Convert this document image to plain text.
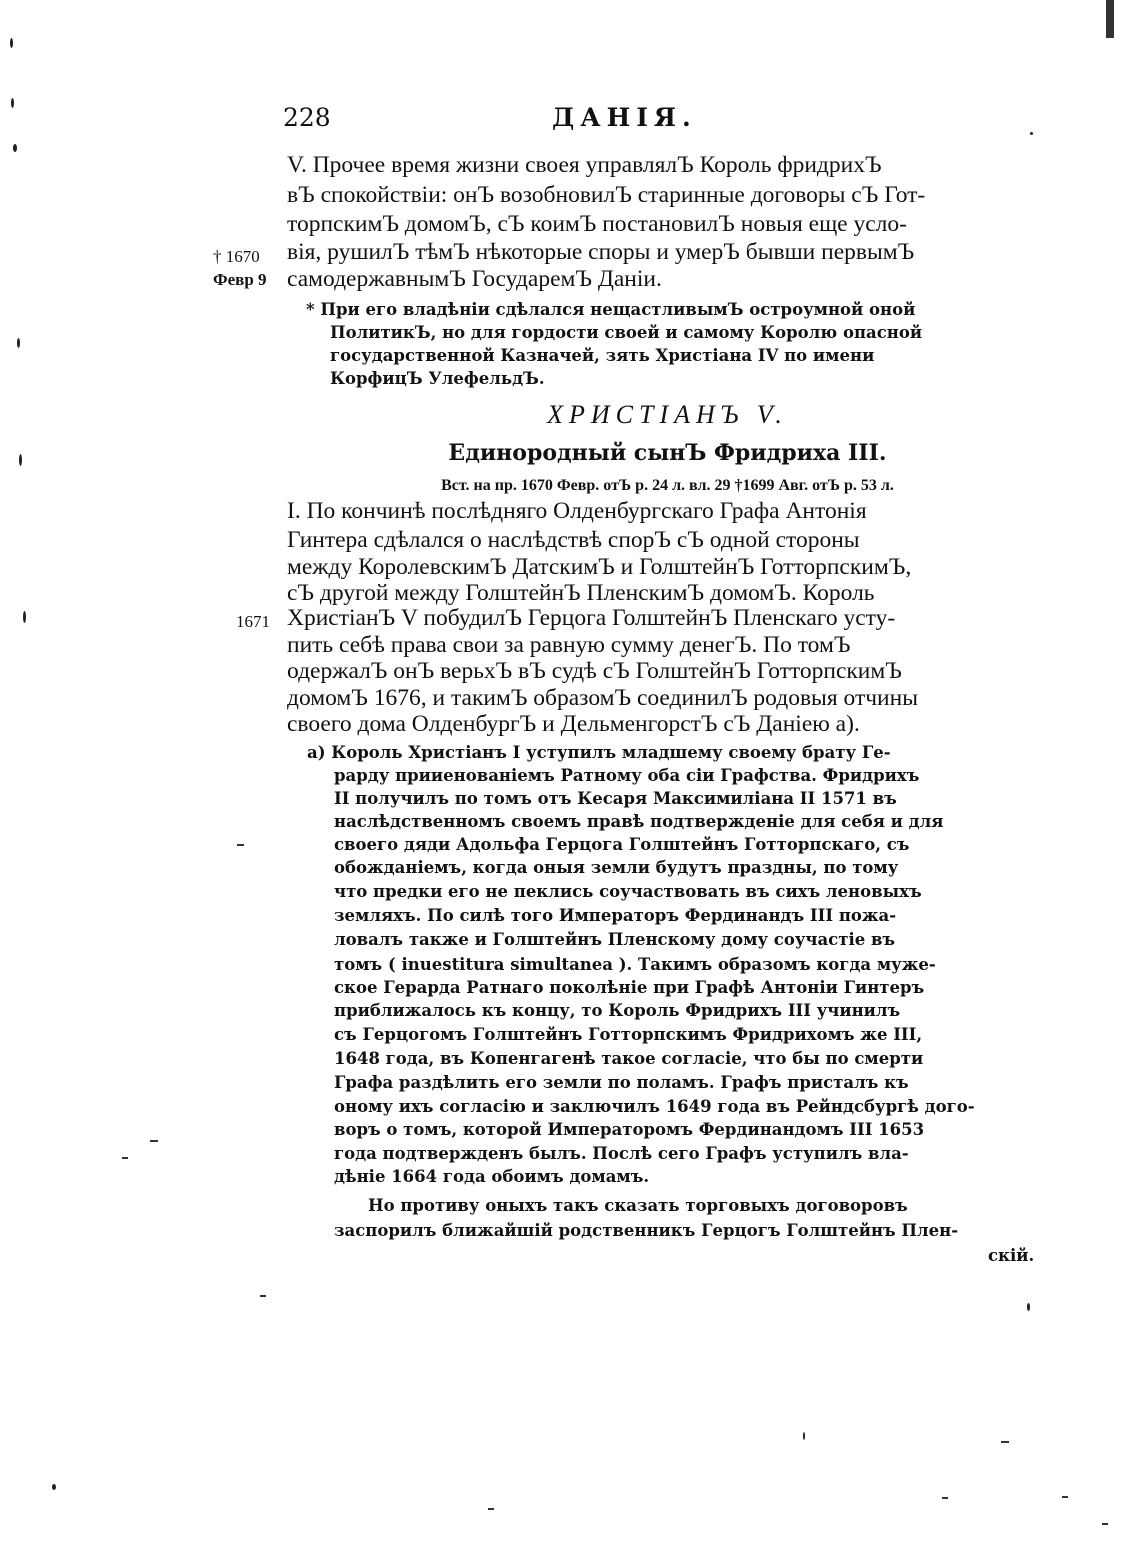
228	ДАНІЯ.
V. Прочее время жизни своея управлялЪ Король фридрихЪ
вЪ спокойствіи: онЪ возобновилЪ старинные договоры сЪ Гот-
торпскимЪ домомЪ, сЪ коимЪ постановилЪ новыя еще усло-
вія, рушилЪ тѣмЪ нѣкоторые споры и умерЪ бывши первымЪ
самодержавнымЪ ГосударемЪ Даніи.
† 1670
Февр 9
* При его владѣніи сдѣлался нещастливымЪ остроумной оной
ПолитикЪ, но для гордости своей и самому Королю опасной
государственной Казначей, зять Христіана IV по имени
КорфицЪ УлефельдЪ.
ХРИСТІАНЪ V.
Единородный сынЪ Фридриха III.
Вст. на пр. 1670 Февр. отЪ р. 24 л. вл. 29 †1699 Авг. отЪ р. 53 л.
I. По кончинѣ послѣдняго Олденбургскаго Графа Антонія
Гинтера сдѣлался о наслѣдствѣ спорЪ сЪ одной стороны
между КоролевскимЪ ДатскимЪ и ГолштейнЪ ГотторпскимЪ,
сЪ другой между ГолштейнЪ ПленскимЪ домомЪ. Король
ХристіанЪ V побудилЪ Герцога ГолштейнЪ Пленскаго усту-
пить себѣ права свои за равную сумму денегЪ. По томЪ
одержалЪ онЪ верьхЪ вЪ судѣ сЪ ГолштейнЪ ГотторпскимЪ
домомЪ 1676, и такимЪ образомЪ соединилЪ родовыя отчины
своего дома ОлденбургЪ и ДельменгорстЪ сЪ Даніею а).
1671
а) Король Христіанъ I уступилъ младшему своему брату Ге-
рарду прииенованіемъ Ратному оба сіи Графства. Фридрихъ
II получилъ по томъ отъ Кесаря Максимиліана II 1571 въ
наслѣдственномъ своемъ правѣ подтвержденіе для себя и для
своего дяди Адольфа Герцога Голштейнъ Готторпскаго, съ
обожданіемъ, когда оныя земли будутъ праздны, по тому
что предки его не пеклись соучаствовать въ сихъ леновыхъ
земляхъ. По силѣ того Императоръ Фердинандъ III пожа-
ловалъ также и Голштейнъ Пленскому дому соучастіе въ
томъ ( inuestitura simultanea ). Такимъ образомъ когда муже-
ское Герарда Ратнаго поколѣніе при Графѣ Антоніи Гинтеръ
приближалось къ концу, то Король Фридрихъ III учинилъ
съ Герцогомъ Голштейнъ Готторпскимъ Фридрихомъ же III,
1648 года, въ Копенгагенѣ такое согласіе, что бы по смерти
Графа раздѣлить его земли по поламъ. Графъ присталъ къ
оному ихъ согласію и заключилъ 1649 года въ Рейндсбургѣ дого-
воръ о томъ, которой Императоромъ Фердинандомъ III 1653
года подтвержденъ былъ. Послѣ сего Графъ уступилъ вла-
дѣніе 1664 года обоимъ домамъ.
Но противу оныхъ такъ сказать торговыхъ договоровъ
заспорилъ ближайшій родственникъ Герцогъ Голштейнъ Плен-
скій.
